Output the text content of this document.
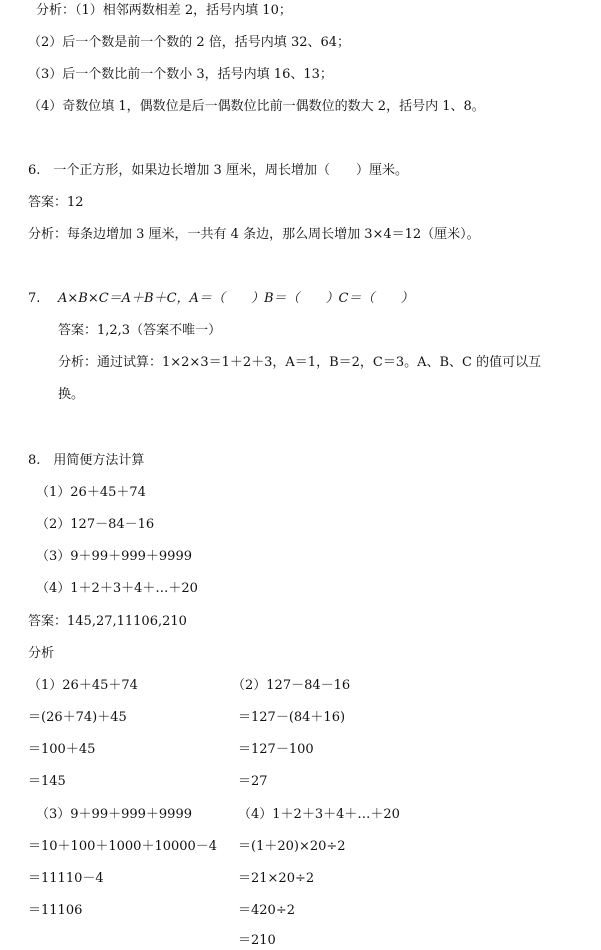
分析：（1）相邻两数相差 2，括号内填 10；
（2）后一个数是前一个数的 2 倍，括号内填 32、64；
（3）后一个数比前一个数小 3，括号内填 16、13；
（4）奇数位填 1，偶数位是后一偶数位比前一偶数位的数大 2，括号内 1、8。
6.　一个正方形，如果边长增加 3 厘米，周长增加（　　）厘米。
答案：12
分析：每条边增加 3 厘米，一共有 4 条边，那么周长增加 3×4＝12（厘米）。
7. A×B×C＝A＋B＋C，A＝（　　）B＝（　　）C＝（　　）
答案：1,2,3（答案不唯一）
分析：通过试算：1×2×3＝1＋2＋3，A＝1，B＝2，C＝3。A、B、C 的值可以互
换。
8.　用简便方法计算
（1）26＋45＋74
（2）127－84－16
（3）9＋99＋999＋9999
（4）1＋2＋3＋4＋…＋20
答案：145,27,11106,210
分析
（1）26＋45＋74
＝(26＋74)＋45
＝100＋45
＝145
（2）127－84－16
＝127－(84＋16)
＝127－100
＝27
（3）9＋99＋999＋9999
＝10＋100＋1000＋10000－4
＝11110－4
＝11106
（4）1＋2＋3＋4＋…＋20
＝(1＋20)×20÷2
＝21×20÷2
＝420÷2
＝210
